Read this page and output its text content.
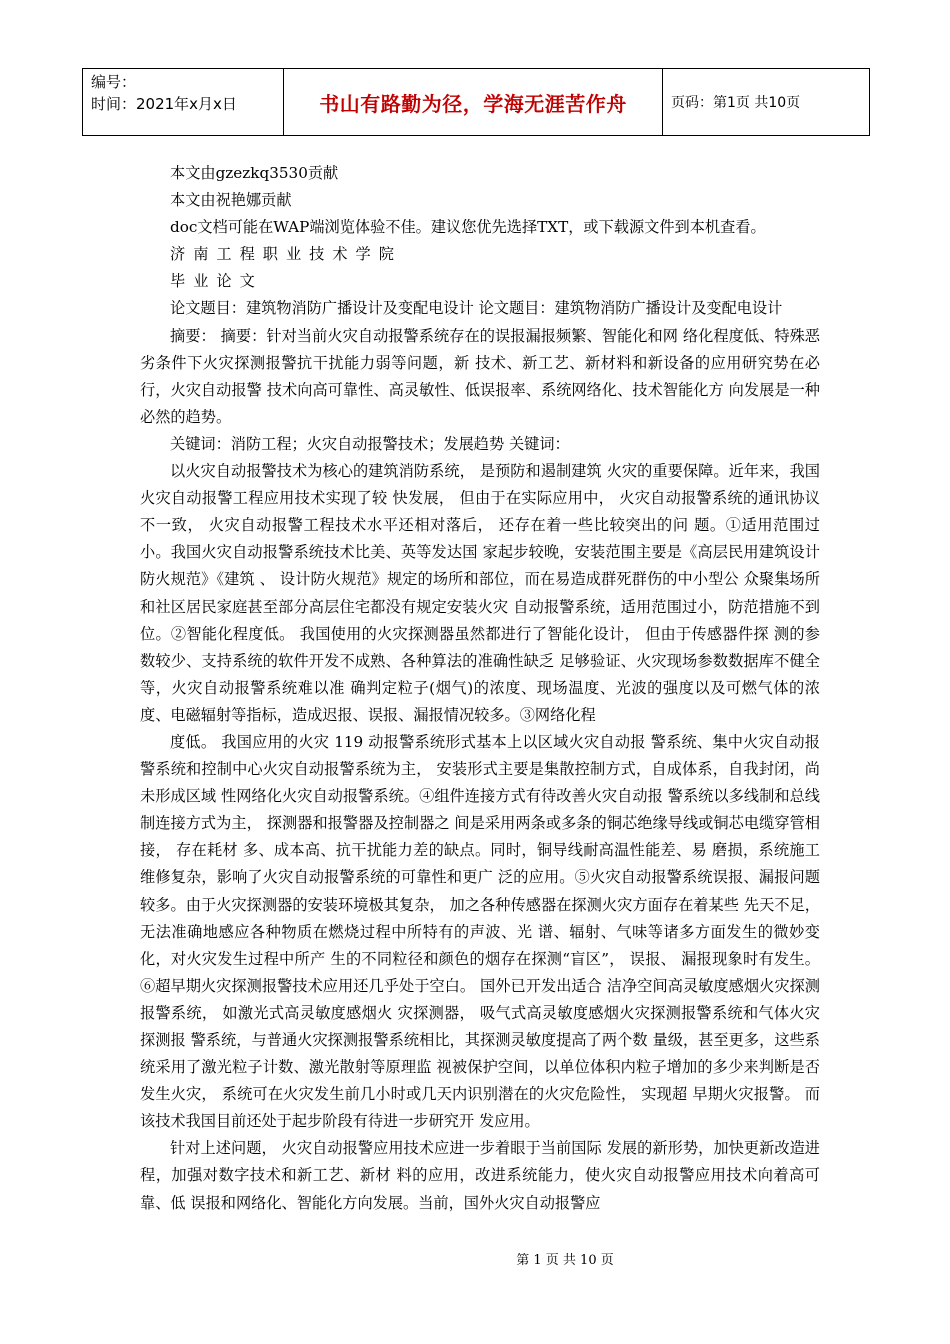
编号：
时间：2021年x月x日	书山有路勤为径，学海无涯苦作舟	页码：第1页 共10页

本文由gzezkq3530贡献

本文由祝艳娜贡献

doc文档可能在WAP端浏览体验不佳。建议您优先选择TXT，或下载源文件到本机查看。

济南工程职业技术学院

毕业论文

论文题目：建筑物消防广播设计及变配电设计 论文题目：建筑物消防广播设计及变配电设计

摘要： 摘要：针对当前火灾自动报警系统存在的误报漏报频繁、智能化和网 络化程度低、特殊恶劣条件下火灾探测报警抗干扰能力弱等问题，新 技术、新工艺、新材料和新设备的应用研究势在必行，火灾自动报警 技术向高可靠性、高灵敏性、低误报率、系统网络化、技术智能化方 向发展是一种必然的趋势。

关键词：消防工程；火灾自动报警技术；发展趋势 关键词：

以火灾自动报警技术为核心的建筑消防系统， 是预防和遏制建筑 火灾的重要保障。近年来，我国火灾自动报警工程应用技术实现了较 快发展， 但由于在实际应用中， 火灾自动报警系统的通讯协议不一致， 火灾自动报警工程技术水平还相对落后， 还存在着一些比较突出的问 题。①适用范围过小。我国火灾自动报警系统技术比美、英等发达国 家起步较晚，安装范围主要是《高层民用建筑设计防火规范》《建筑 、 设计防火规范》规定的场所和部位，而在易造成群死群伤的中小型公 众聚集场所和社区居民家庭甚至部分高层住宅都没有规定安装火灾 自动报警系统，适用范围过小，防范措施不到位。②智能化程度低。 我国使用的火灾探测器虽然都进行了智能化设计， 但由于传感器件探 测的参数较少、支持系统的软件开发不成熟、各种算法的准确性缺乏 足够验证、火灾现场参数数据库不健全等，火灾自动报警系统难以准 确判定粒子(烟气)的浓度、现场温度、光波的强度以及可燃气体的浓 度、电磁辐射等指标，造成迟报、误报、漏报情况较多。③网络化程

度低。 我国应用的火灾 119 动报警系统形式基本上以区域火灾自动报 警系统、集中火灾自动报警系统和控制中心火灾自动报警系统为主， 安装形式主要是集散控制方式，自成体系，自我封闭，尚未形成区域 性网络化火灾自动报警系统。④组件连接方式有待改善火灾自动报 警系统以多线制和总线制连接方式为主， 探测器和报警器及控制器之 间是采用两条或多条的铜芯绝缘导线或铜芯电缆穿管相接， 存在耗材 多、成本高、抗干扰能力差的缺点。同时，铜导线耐高温性能差、易 磨损，系统施工维修复杂，影响了火灾自动报警系统的可靠性和更广 泛的应用。⑤火灾自动报警系统误报、漏报问题较多。由于火灾探测器的安装环境极其复杂， 加之各种传感器在探测火灾方面存在着某些 先天不足，无法准确地感应各种物质在燃烧过程中所特有的声波、光 谱、辐射、气味等诸多方面发生的微妙变化，对火灾发生过程中所产 生的不同粒径和颜色的烟存在探测“盲区”， 误报、 漏报现象时有发生。 ⑥超早期火灾探测报警技术应用还几乎处于空白。 国外已开发出适合 洁净空间高灵敏度感烟火灾探测报警系统， 如激光式高灵敏度感烟火 灾探测器， 吸气式高灵敏度感烟火灾探测报警系统和气体火灾探测报 警系统，与普通火灾探测报警系统相比，其探测灵敏度提高了两个数 量级，甚至更多，这些系统采用了激光粒子计数、激光散射等原理监 视被保护空间，以单位体积内粒子增加的多少来判断是否发生火灾， 系统可在火灾发生前几小时或几天内识别潜在的火灾危险性， 实现超 早期火灾报警。 而该技术我国目前还处于起步阶段有待进一步研究开 发应用。

针对上述问题， 火灾自动报警应用技术应进一步着眼于当前国际 发展的新形势，加快更新改造进程，加强对数字技术和新工艺、新材 料的应用，改进系统能力，使火灾自动报警应用技术向着高可靠、低 误报和网络化、智能化方向发展。当前，国外火灾自动报警应

第 1 页 共 10 页
